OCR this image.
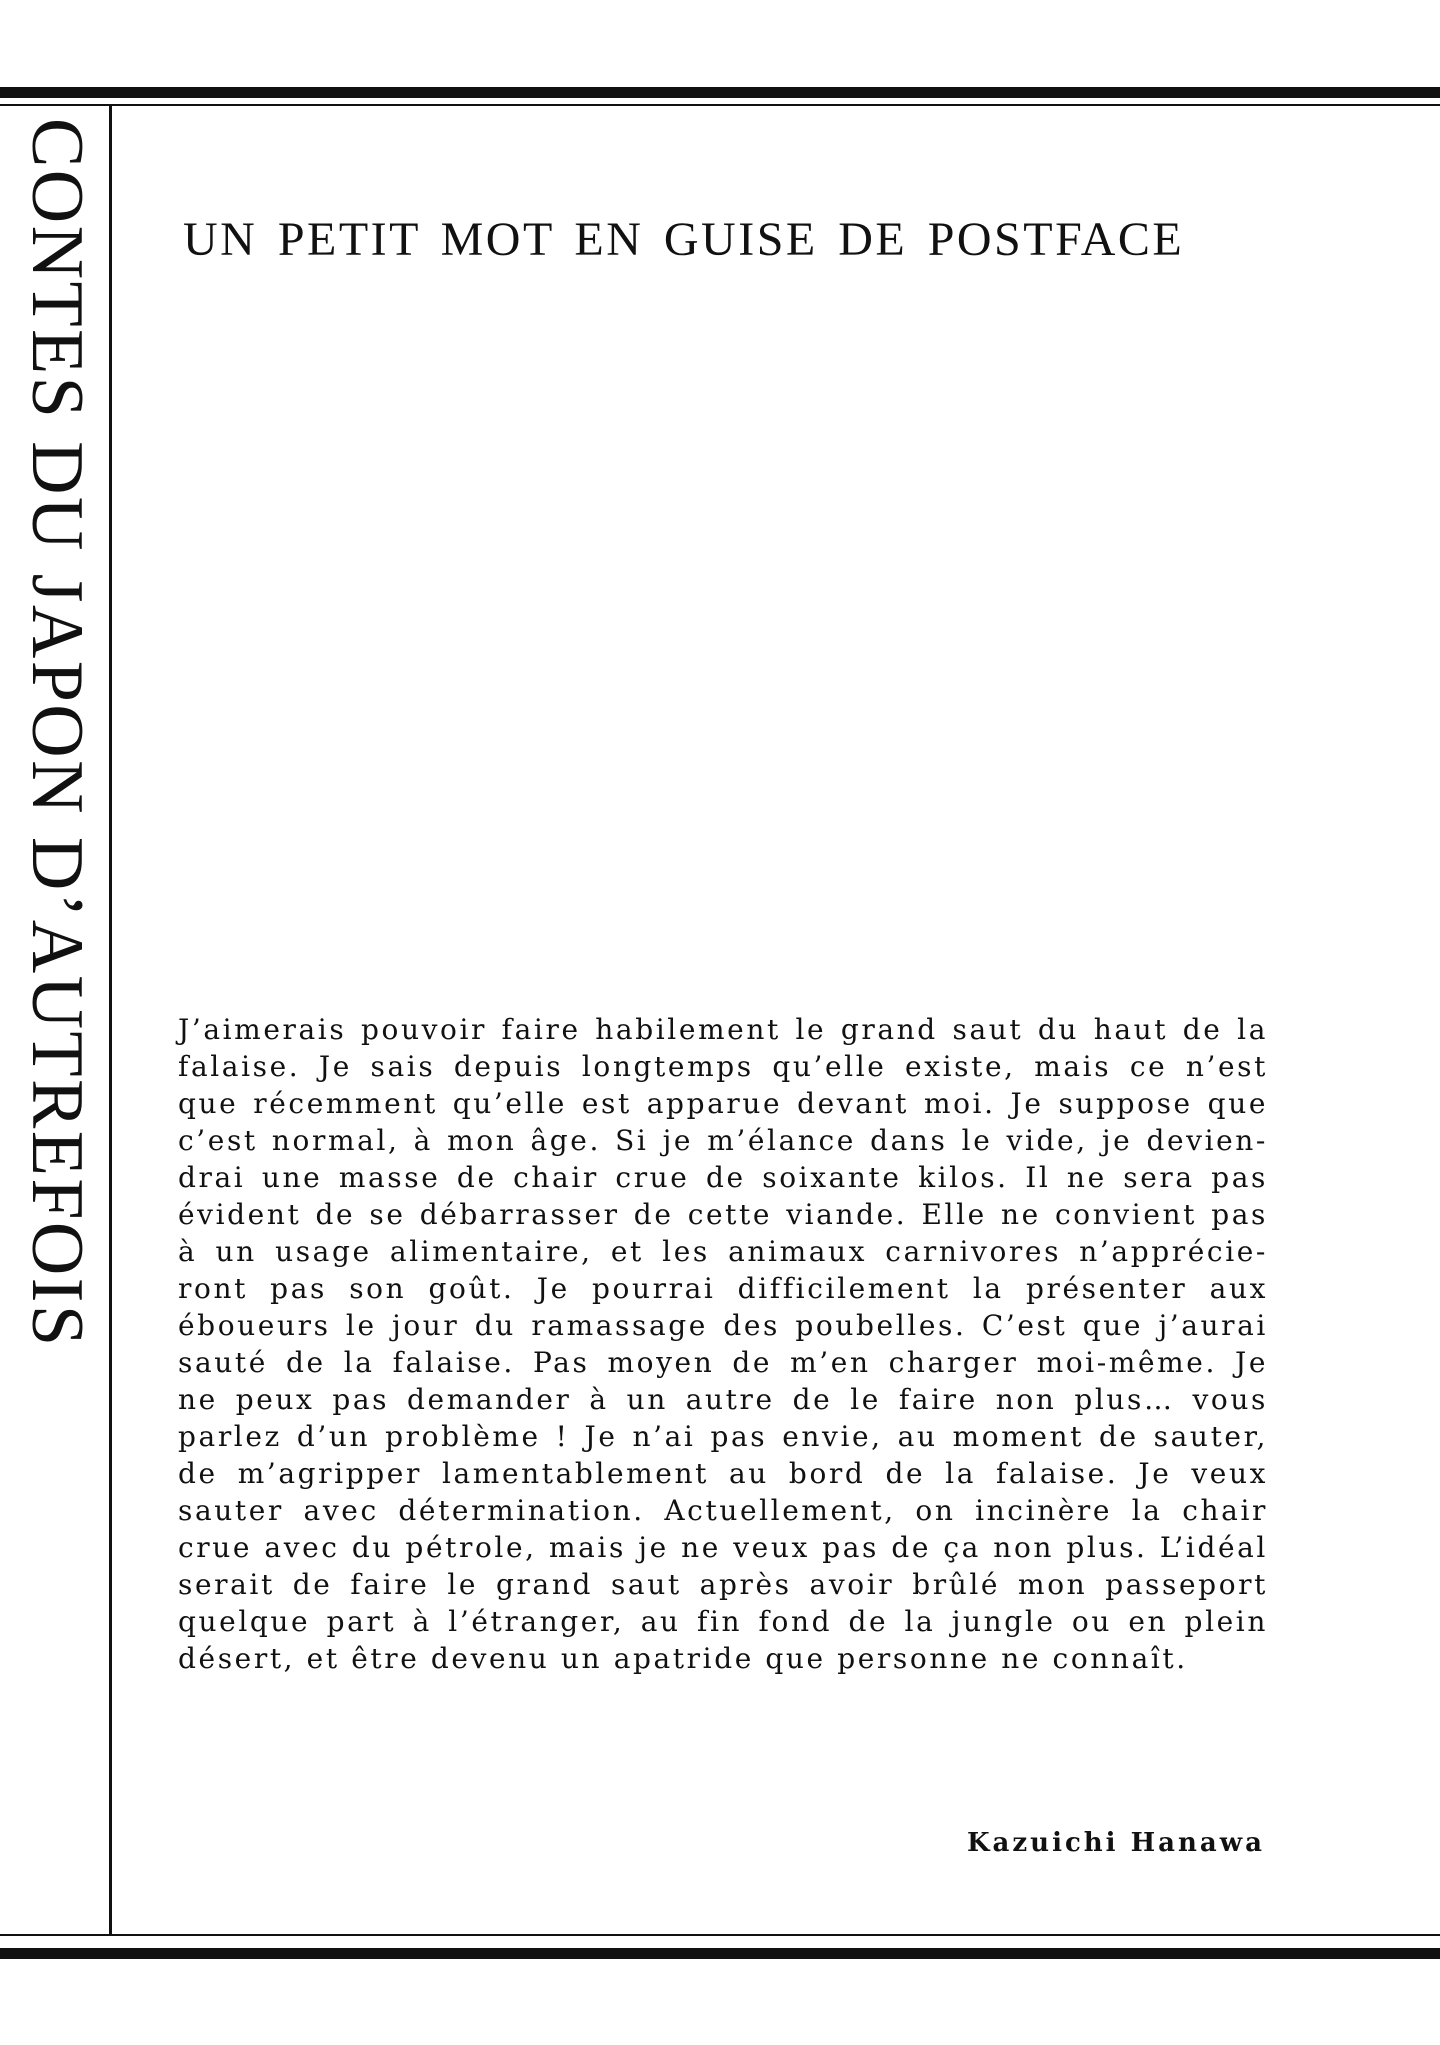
CONTES DU JAPON D’AUTREFOIS UN PETIT MOT EN GUISE DE POSTFACE
J’aimerais pouvoir faire habilement le grand saut du haut de la
falaise. Je sais depuis longtemps qu’elle existe, mais ce n’est
que récemment qu’elle est apparue devant moi. Je suppose que
c’est normal, à mon âge. Si je m’élance dans le vide, je devien-
drai une masse de chair crue de soixante kilos. Il ne sera pas
évident de se débarrasser de cette viande. Elle ne convient pas
à un usage alimentaire, et les animaux carnivores n’apprécie-
ront pas son goût. Je pourrai difficilement la présenter aux
éboueurs le jour du ramassage des poubelles. C’est que j’aurai
sauté de la falaise. Pas moyen de m’en charger moi-même. Je
ne peux pas demander à un autre de le faire non plus… vous
parlez d’un problème ! Je n’ai pas envie, au moment de sauter,
de m’agripper lamentablement au bord de la falaise. Je veux
sauter avec détermination. Actuellement, on incinère la chair
crue avec du pétrole, mais je ne veux pas de ça non plus. L’idéal
serait de faire le grand saut après avoir brûlé mon passeport
quelque part à l’étranger, au fin fond de la jungle ou en plein
désert, et être devenu un apatride que personne ne connaît.
Kazuichi Hanawa
